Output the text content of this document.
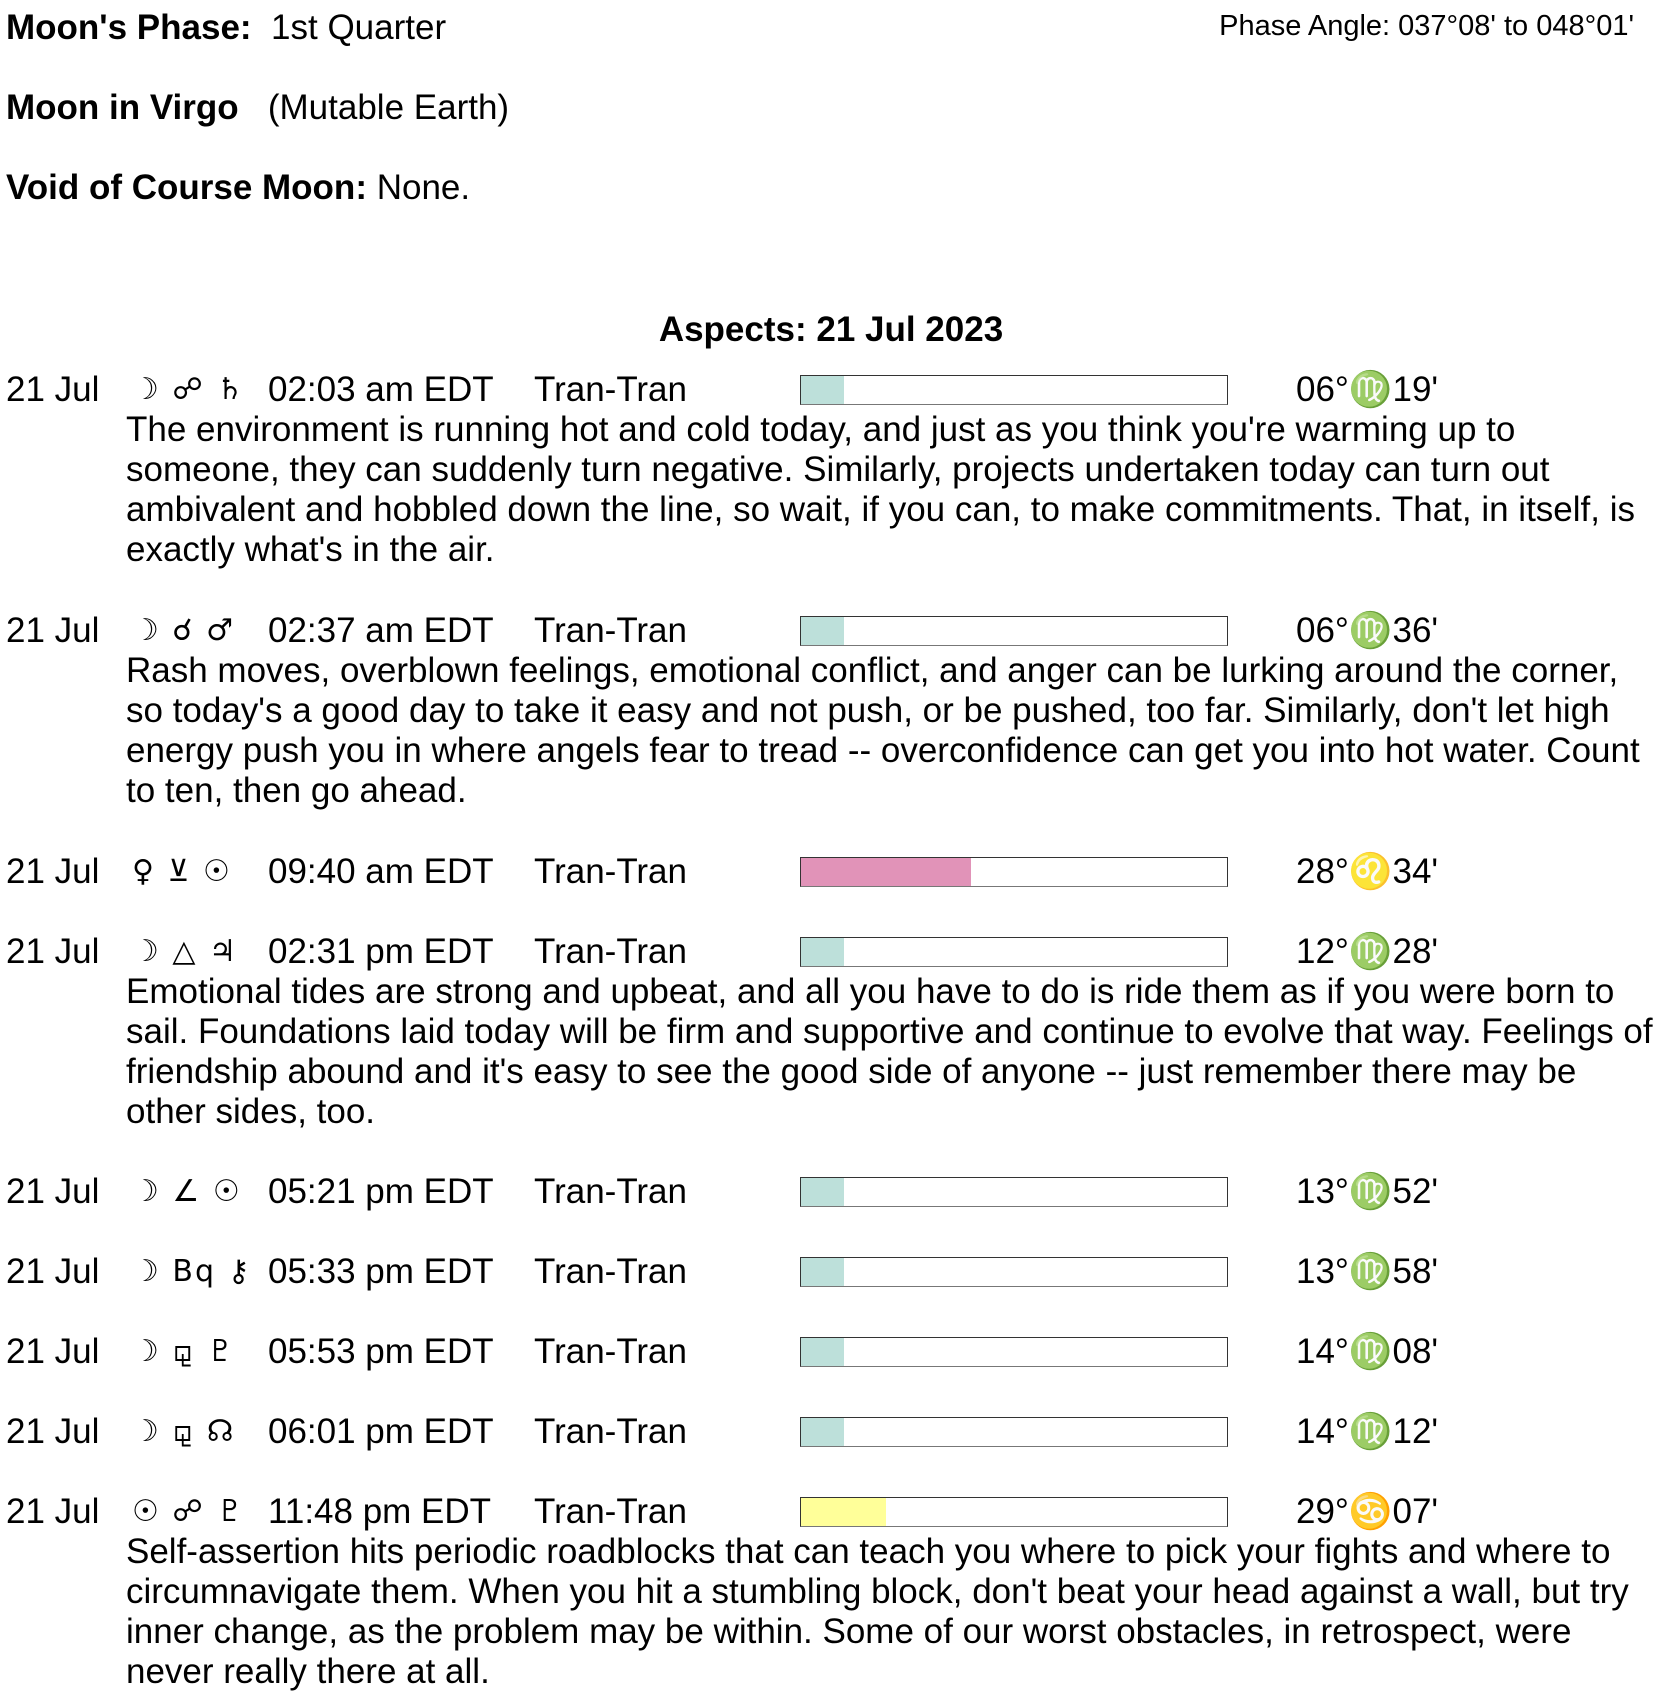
Moon's Phase: 1st Quarter	Phase Angle: 037°08' to 048°01'
Moon in Virgo (Mutable Earth)
Void of Course Moon: None.
Aspects: 21 Jul 2023
21 Jul ☽ ☍ ♄ 02:03 am EDT Tran-Tran	06°♍19'
The environment is running hot and cold today, and just as you think you're warming up to someone, they can suddenly turn negative. Similarly, projects undertaken today can turn out ambivalent and hobbled down the line, so wait, if you can, to make commitments. That, in itself, is exactly what's in the air.
21 Jul ☽ ☌ ♂ 02:37 am EDT Tran-Tran	06°♍36'
Rash moves, overblown feelings, emotional conflict, and anger can be lurking around the corner, so today's a good day to take it easy and not push, or be pushed, too far. Similarly, don't let high energy push you in where angels fear to tread -- overconfidence can get you into hot water. Count to ten, then go ahead.
21 Jul ♀ ⊻ ☉ 09:40 am EDT Tran-Tran	28°♌34'
21 Jul ☽ △ ♃ 02:31 pm EDT Tran-Tran	12°♍28'
Emotional tides are strong and upbeat, and all you have to do is ride them as if you were born to sail. Foundations laid today will be firm and supportive and continue to evolve that way. Feelings of friendship abound and it's easy to see the good side of anyone -- just remember there may be other sides, too.
21 Jul ☽ ∠ ☉ 05:21 pm EDT Tran-Tran	13°♍52'
21 Jul ☽ Bq ⚷ 05:33 pm EDT Tran-Tran	13°♍58'
21 Jul ☽ ⚼ ♇ 05:53 pm EDT Tran-Tran	14°♍08'
21 Jul ☽ ⚼ ☊ 06:01 pm EDT Tran-Tran	14°♍12'
21 Jul ☉ ☍ ♇ 11:48 pm EDT Tran-Tran	29°♋07'
Self-assertion hits periodic roadblocks that can teach you where to pick your fights and where to circumnavigate them. When you hit a stumbling block, don't beat your head against a wall, but try inner change, as the problem may be within. Some of our worst obstacles, in retrospect, were never really there at all.
